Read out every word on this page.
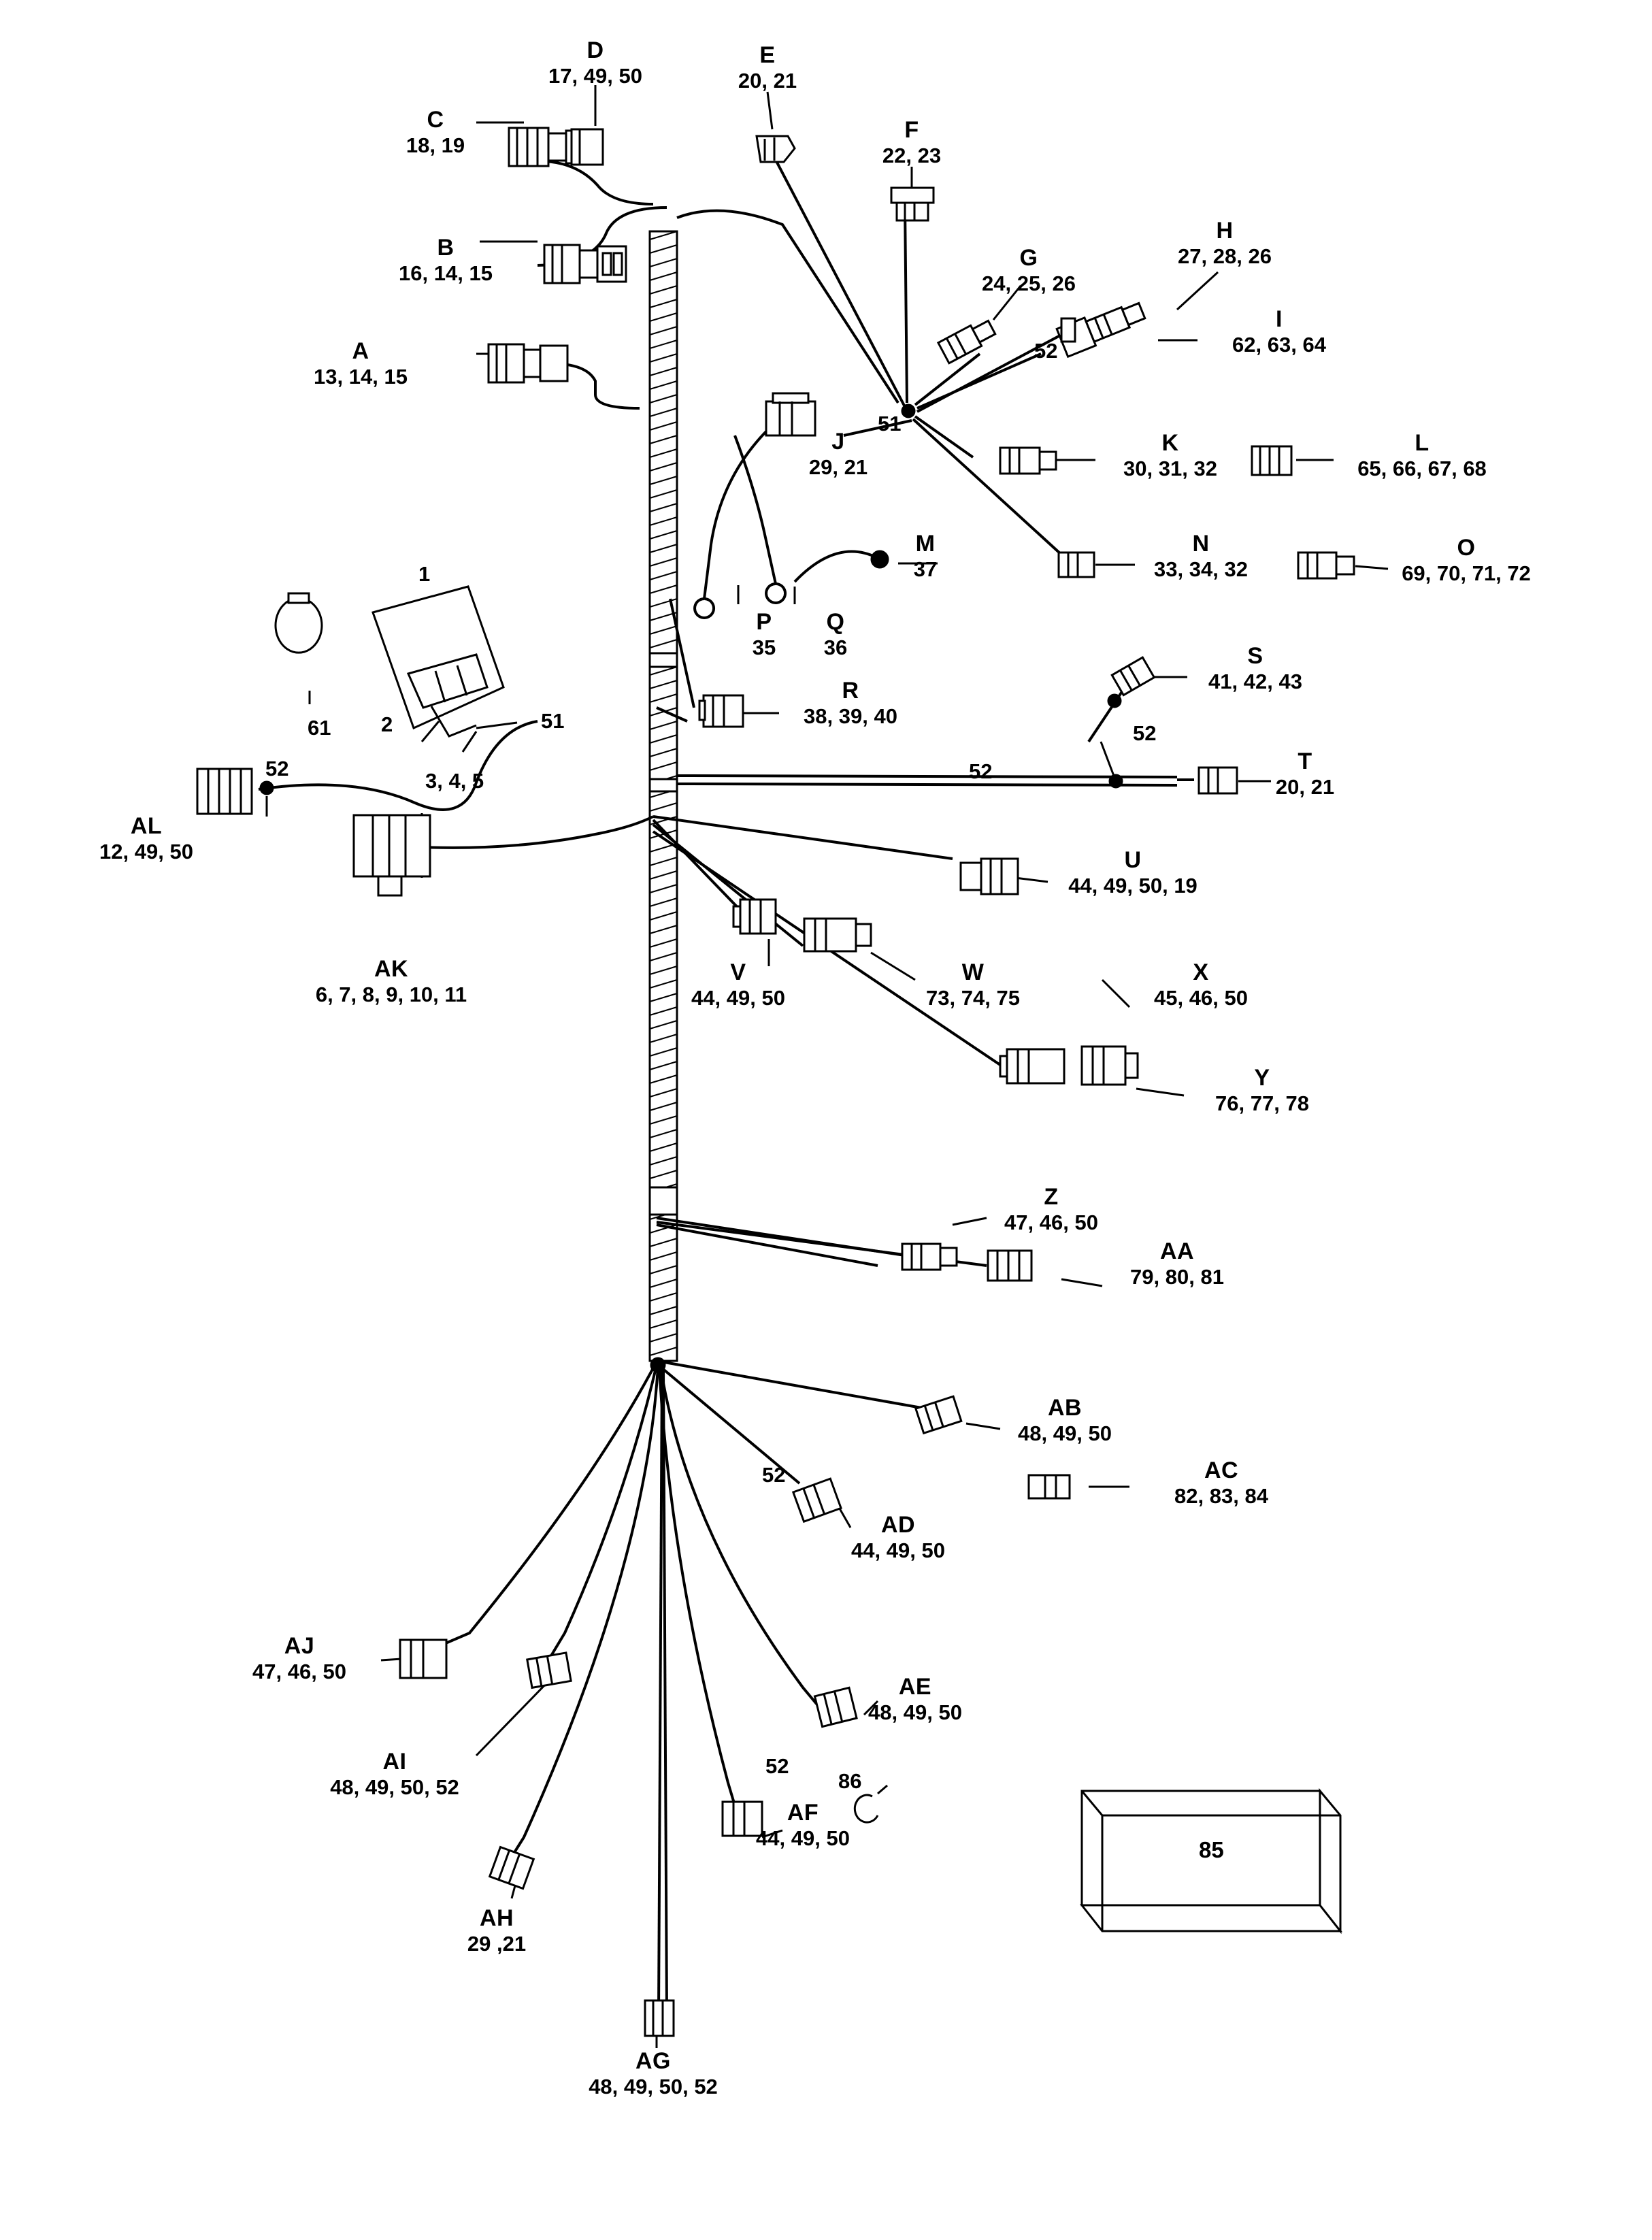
A
13, 14, 15
B
16, 14, 15
C
18, 19
D
17, 49, 50
E
20, 21
F
22, 23
G
24, 25, 26
H
27, 28, 26
I
62, 63, 64
J
29, 21
K
30, 31, 32
L
65, 66, 67, 68
M
37
N
33, 34, 32
O
69, 70, 71, 72
P
35
Q
36
R
38, 39, 40
S
41, 42, 43
T
20, 21
U
44, 49, 50, 19
V
44, 49, 50
W
73, 74, 75
X
45, 46, 50
Y
76, 77, 78
Z
47, 46, 50
AA
79, 80, 81
AB
48, 49, 50
AC
82, 83, 84
AD
44, 49, 50
AE
48, 49, 50
AF
44, 49, 50
AG
48, 49, 50, 52
AH
29 ,21
AI
48, 49, 50, 52
AJ
47, 46, 50
AK
6, 7, 8, 9, 10, 11
AL
12, 49, 50
1
2
3, 4, 5
51
52
61
51
52
52
52
52
52
86
85
